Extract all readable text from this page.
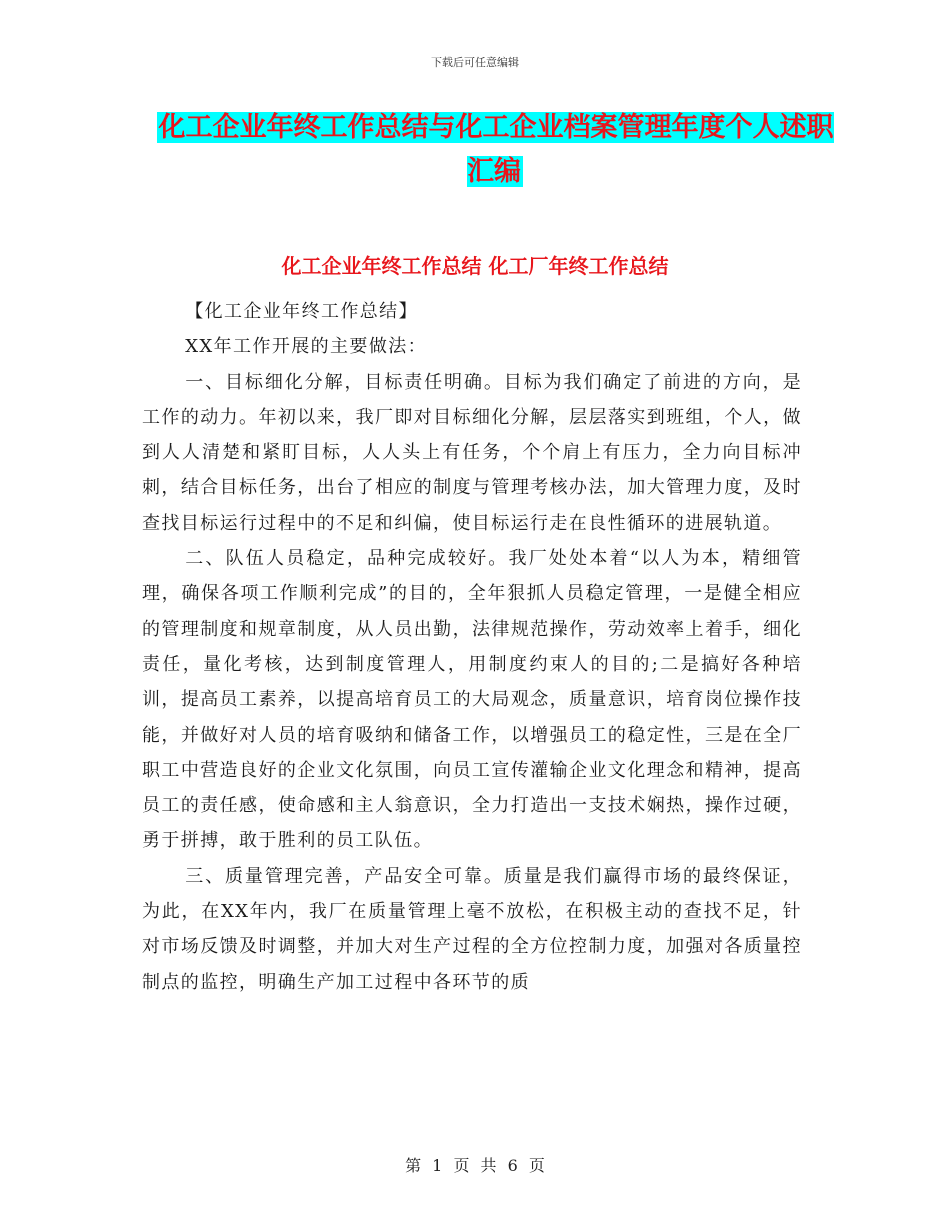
下载后可任意编辑
化工企业年终工作总结与化工企业档案管理年度个人述职汇编
化工企业年终工作总结 化工厂年终工作总结

【化工企业年终工作总结】

XX年工作开展的主要做法：

一、目标细化分解，目标责任明确。目标为我们确定了前进的方向，是工作的动力。年初以来，我厂即对目标细化分解，层层落实到班组，个人，做到人人清楚和紧盯目标，人人头上有任务，个个肩上有压力，全力向目标冲刺，结合目标任务，出台了相应的制度与管理考核办法，加大管理力度，及时查找目标运行过程中的不足和纠偏，使目标运行走在良性循环的进展轨道。

二、队伍人员稳定，品种完成较好。我厂处处本着“以人为本，精细管理，确保各项工作顺利完成”的目的，全年狠抓人员稳定管理，一是健全相应的管理制度和规章制度，从人员出勤，法律规范操作，劳动效率上着手，细化责任，量化考核，达到制度管理人，用制度约束人的目的;二是搞好各种培训，提高员工素养，以提高培育员工的大局观念，质量意识，培育岗位操作技能，并做好对人员的培育吸纳和储备工作，以增强员工的稳定性，三是在全厂职工中营造良好的企业文化氛围，向员工宣传灌输企业文化理念和精神，提高员工的责任感，使命感和主人翁意识，全力打造出一支技术娴热，操作过硬，勇于拼搏，敢于胜利的员工队伍。

三、质量管理完善，产品安全可靠。质量是我们赢得市场的最终保证，为此，在XX年内，我厂在质量管理上毫不放松，在积极主动的查找不足，针对市场反馈及时调整，并加大对生产过程的全方位控制力度，加强对各质量控制点的监控，明确生产加工过程中各环节的质

第 1 页 共 6 页
